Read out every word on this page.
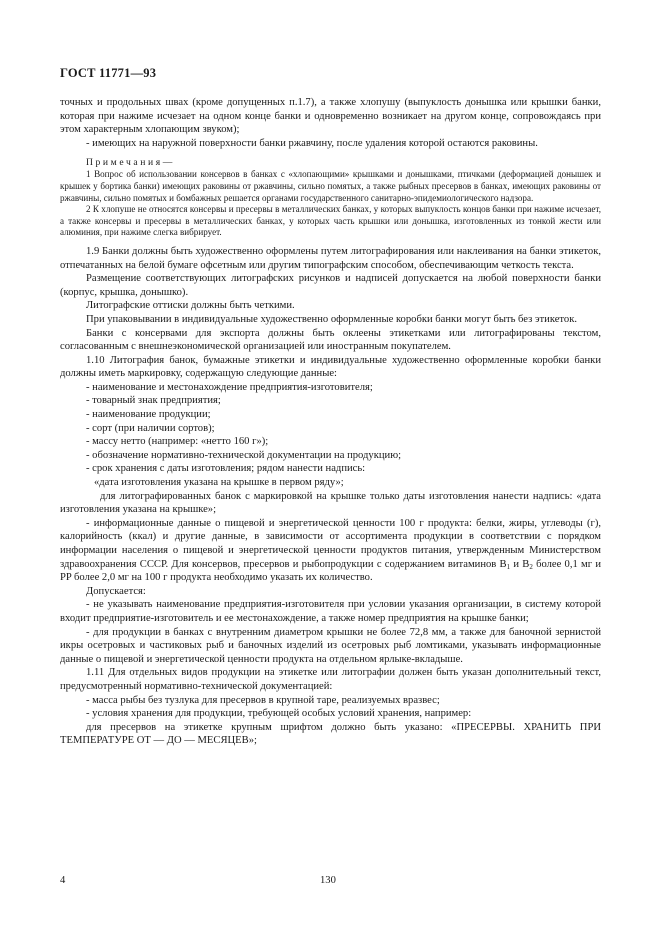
ГОСТ 11771—93

точных и продольных швах (кроме допущенных п.1.7), а также хлопушу (выпуклость донышка или крышки банки, которая при нажиме исчезает на одном конце банки и одновременно возникает на другом конце, сопровождаясь при этом характерным хлопающим звуком);

- имеющих на наружной поверхности банки ржавчину, после удаления которой остаются раковины.

Примечания—

1 Вопрос об использовании консервов в банках с «хлопающими» крышками и донышками, птичками (деформацией донышек и крышек у бортика банки) имеющих раковины от ржавчины, сильно помятых, а также рыбных пресервов в банках, имеющих раковины от ржавчины, сильно помятых и бомбажных решается органами государственного санитарно-эпидемиологического надзора.

2 К хлопуше не относятся консервы и пресервы в металлических банках, у которых выпуклость концов банки при нажиме исчезает, а также консервы и пресервы в металлических банках, у которых часть крышки или донышка, изготовленных из тонкой жести или алюминия, при нажиме слегка вибрирует.

1.9 Банки должны быть художественно оформлены путем литографирования или наклеивания на банки этикеток, отпечатанных на белой бумаге офсетным или другим типографским способом, обеспечивающим четкость текста.

Размещение соответствующих литографских рисунков и надписей допускается на любой поверхности банки (корпус, крышка, донышко).

Литографские оттиски должны быть четкими.

При упаковывании в индивидуальные художественно оформленные коробки банки могут быть без этикеток.

Банки с консервами для экспорта должны быть оклеены этикетками или литографированы текстом, согласованным с внешнеэкономической организацией или иностранным покупателем.

1.10 Литография банок, бумажные этикетки и индивидуальные художественно оформленные коробки банки должны иметь маркировку, содержащую следующие данные:

- наименование и местонахождение предприятия-изготовителя;

- товарный знак предприятия;

- наименование продукции;

- сорт (при наличии сортов);

- массу нетто (например: «нетто 160 г»);

- обозначение нормативно-технической документации на продукцию;

- срок хранения с даты изготовления; рядом нанести надпись:

«дата изготовления указана на крышке в первом ряду»;

для литографированных банок с маркировкой на крышке только даты изготовления нанести надпись: «дата изготовления указана на крышке»;

- информационные данные о пищевой и энергетической ценности 100 г продукта: белки, жиры, углеводы (г), калорийность (ккал) и другие данные, в зависимости от ассортимента продукции в соответствии с порядком информации населения о пищевой и энергетической ценности продуктов питания, утвержденным Министерством здравоохранения СССР. Для консервов, пресервов и рыбопродукции с содержанием витаминов $B_1$ и $B_2$ более 0,1 мг и PP более 2,0 мг на 100 г продукта необходимо указать их количество.

Допускается:

- не указывать наименование предприятия-изготовителя при условии указания организации, в систему которой входит предприятие-изготовитель и ее местонахождение, а также номер предприятия на крышке банки;

- для продукции в банках с внутренним диаметром крышки не более 72,8 мм, а также для баночной зернистой икры осетровых и частиковых рыб и баночных изделий из осетровых рыб ломтиками, указывать информационные данные о пищевой и энергетической ценности продукта на отдельном ярлыке-вкладыше.

1.11 Для отдельных видов продукции на этикетке или литографии должен быть указан дополнительный текст, предусмотренный нормативно-технической документацией:

- масса рыбы без тузлука для пресервов в крупной таре, реализуемых вразвес;

- условия хранения для продукции, требующей особых условий хранения, например:

для пресервов на этикетке крупным шрифтом должно быть указано: «ПРЕСЕРВЫ. ХРАНИТЬ ПРИ ТЕМПЕРАТУРЕ ОТ — ДО — МЕСЯЦЕВ»;

4	130
